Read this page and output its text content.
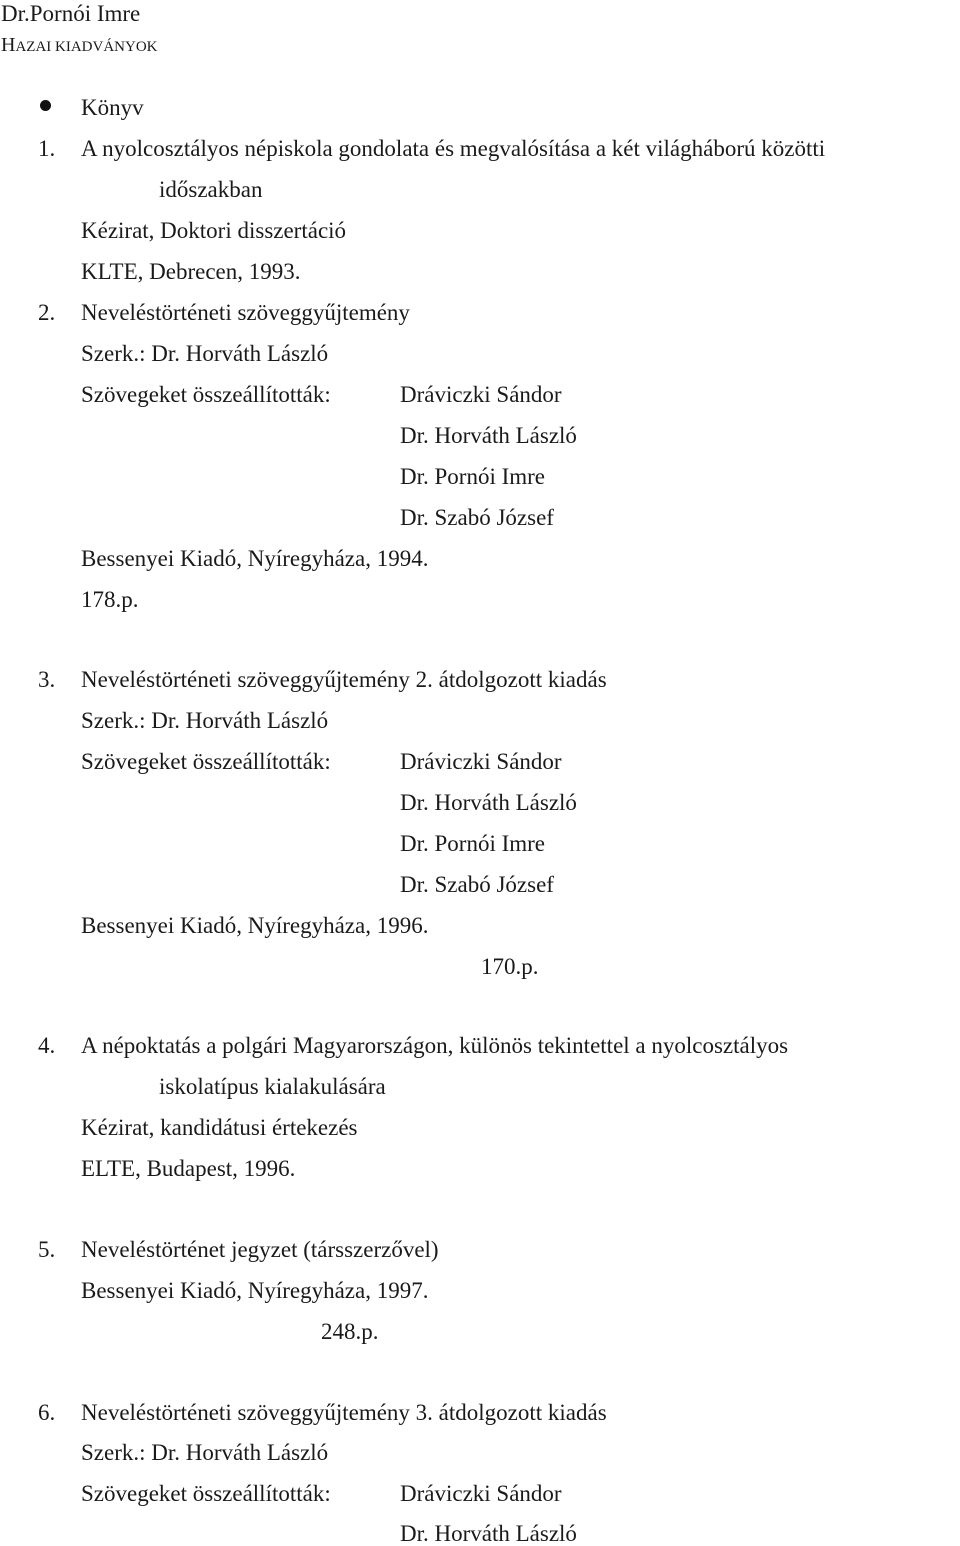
Dr.Pornói Imre
HAZAI KIADVÁNYOK
Könyv
1. A nyolcosztályos népiskola gondolata és megvalósítása a két világháború közötti
időszakban
Kézirat, Doktori disszertáció
KLTE, Debrecen, 1993.
2. Neveléstörténeti szöveggyűjtemény
Szerk.: Dr. Horváth László
Szövegeket összeállították:	Dráviczki Sándor
Dr. Horváth László
Dr. Pornói Imre
Dr. Szabó József
Bessenyei Kiadó, Nyíregyháza, 1994.
178.p.
3. Neveléstörténeti szöveggyűjtemény 2. átdolgozott kiadás
Szerk.: Dr. Horváth László
Szövegeket összeállították:	Dráviczki Sándor
Dr. Horváth László
Dr. Pornói Imre
Dr. Szabó József
Bessenyei Kiadó, Nyíregyháza, 1996.
170.p.
4. A népoktatás a polgári Magyarországon, különös tekintettel a nyolcosztályos
iskolatípus kialakulására
Kézirat, kandidátusi értekezés
ELTE, Budapest, 1996.
5. Neveléstörténet jegyzet (társszerzővel)
Bessenyei Kiadó, Nyíregyháza, 1997.
248.p.
6. Neveléstörténeti szöveggyűjtemény 3. átdolgozott kiadás
Szerk.: Dr. Horváth László
Szövegeket összeállították:	Dráviczki Sándor
Dr. Horváth László
